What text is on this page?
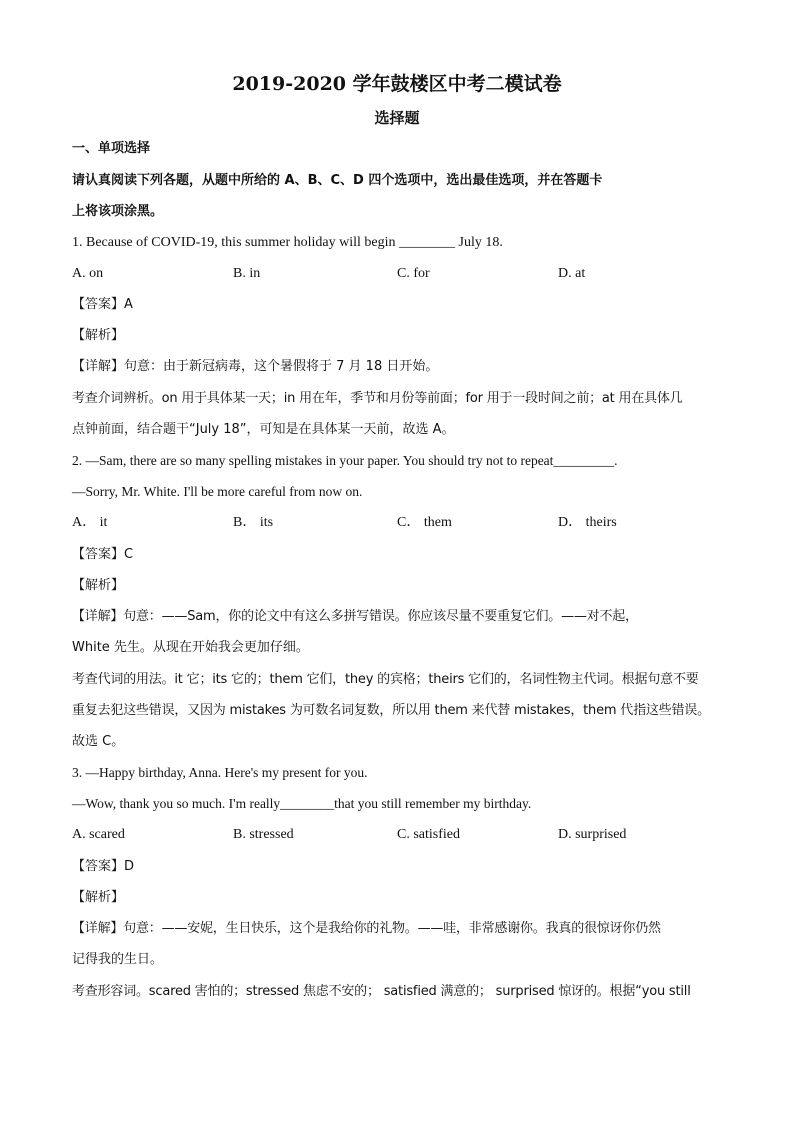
2019-2020 学年鼓楼区中考二模试卷
选择题
一、单项选择
请认真阅读下列各题，从题中所给的 A、B、C、D 四个选项中，选出最佳选项，并在答题卡
上将该项涂黑。
1. Because of COVID-19, this summer holiday will begin ________ July 18.
A. on	B. in	C. for	D. at
【答案】A
【解析】
【详解】句意：由于新冠病毒，这个暑假将于 7 月 18 日开始。
考查介词辨析。on 用于具体某一天；in 用在年，季节和月份等前面；for 用于一段时间之前；at 用在具体几
点钟前面，结合题干“July 18”，可知是在具体某一天前，故选 A。
2. —Sam, there are so many spelling mistakes in your paper. You should try not to repeat_________.
—Sorry, Mr. White. I'll be more careful from now on.
A． it	B． its	C． them	D． theirs
【答案】C
【解析】
【详解】句意：——Sam，你的论文中有这么多拼写错误。你应该尽量不要重复它们。——对不起，
White 先生。从现在开始我会更加仔细。
考查代词的用法。it 它；its 它的；them 它们，they 的宾格；theirs 它们的，名词性物主代词。根据句意不要
重复去犯这些错误，又因为 mistakes 为可数名词复数，所以用 them 来代替 mistakes，them 代指这些错误。
故选 C。
3. —Happy birthday, Anna. Here's my present for you.
—Wow, thank you so much. I'm really________that you still remember my birthday.
A. scared	B. stressed	C. satisfied	D. surprised
【答案】D
【解析】
【详解】句意：——安妮，生日快乐，这个是我给你的礼物。——哇，非常感谢你。我真的很惊讶你仍然
记得我的生日。
考查形容词。scared 害怕的；stressed 焦虑不安的； satisfied 满意的； surprised 惊讶的。根据“you still
